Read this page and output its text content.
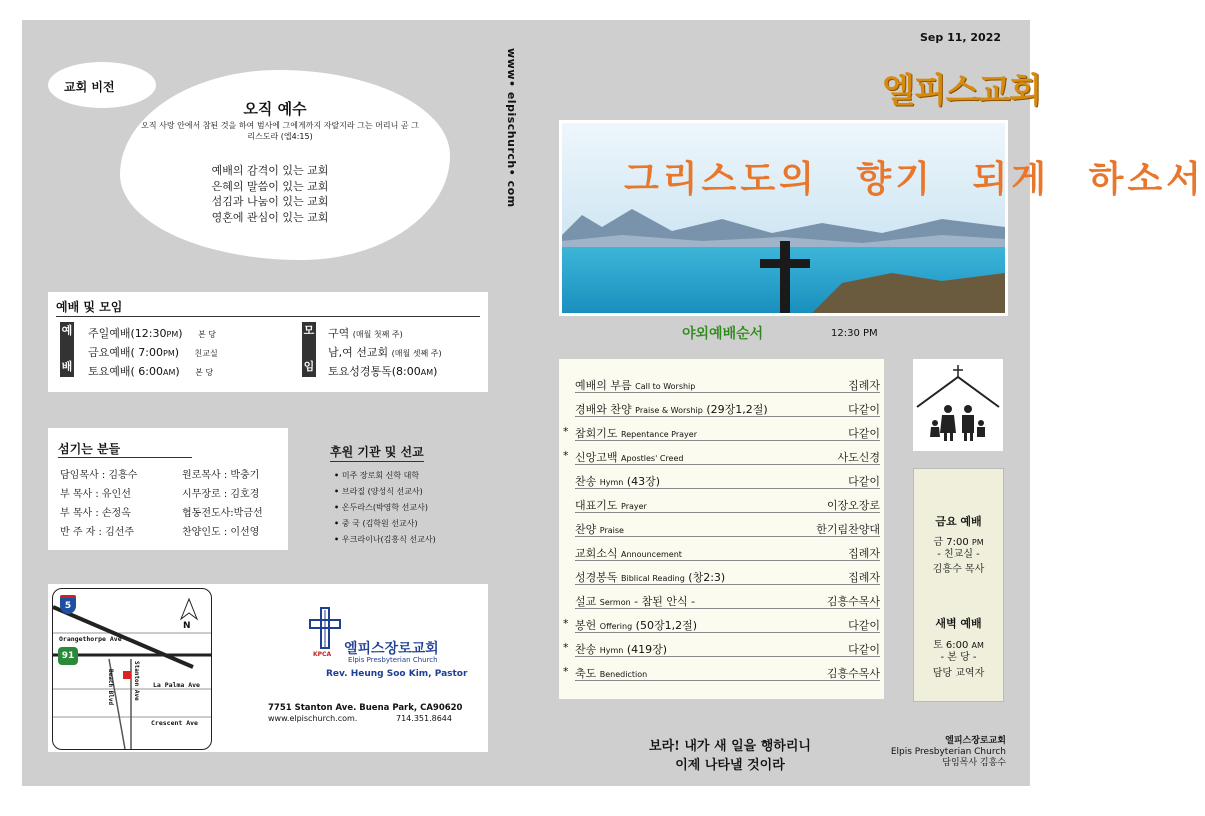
교회 비전
오직 예수
오직 사랑 안에서 참된 것을 하여 범사에 그에게까지 자랄지라 그는 머리니 곧 그리스도라 (엡4:15)
예배의 감격이 있는 교회
은혜의 말씀이 있는 교회
섬김과 나눔이 있는 교회
영혼에 관심이 있는 교회
www• elpischurch• com
예배 및 모임
예
배
주일예배(12:30PM) 본 당
금요예배( 7:00PM) 친교실
토요예배( 6:00AM) 본 당
모
임
구역 (매월 첫째 주)
남,여 선교회 (매월 셋째 주)
토요성경통독(8:00AM)
섬기는 분들
담임목사 : 김흥수	원로목사 : 박충기
부 목사 : 유인선	시무장로 : 김호경
부 목사 : 손정옥	협동전도사:박금선
반 주 자 : 김선주	찬양인도 : 이선영
후원 기관 및 선교
• 미주 장로회 신학 대학
• 브라질 (양성식 선교사)
• 온두라스(박영학 선교사)
• 중 국 (김학원 선교사)
• 우크라이나(김흥식 선교사)
5
91
N
Orangethorpe Ave
La Palma Ave
Crescent Ave
Beach Blvd	Stanton Ave
KPCA 엘피스장로교회
Elpis Presbyterian Church
Rev. Heung Soo Kim, Pastor
7751 Stanton Ave. Buena Park, CA90620
www.elpischurch.com.	714.351.8644
Sep 11, 2022
엘피스교회
그리스도의 향기 되게 하소서
야외예배순서	12:30 PM
예배의 부름 Call to Worship	집례자
경배와 찬양 Praise & Worship (29장1,2절)	다같이
* 참회기도 Repentance Prayer	다같이
* 신앙고백 Apostles' Creed	사도신경
찬송 Hymn (43장)	다같이
대표기도 Prayer	이장오장로
찬양 Praise	한기림찬양대
교회소식 Announcement	집례자
성경봉독 Biblical Reading (창2:3)	집례자
설교 Sermon - 참된 안식 -	김흥수목사
* 봉헌 Offering (50장1,2절)	다같이
* 찬송 Hymn (419장)	다같이
* 축도 Benediction	김흥수목사
금요 예배
금 7:00 PM
- 친교실 -
김흥수 목사
새벽 예배
토 6:00 AM
- 본 당 -
담당 교역자
보라! 내가 새 일을 행하리니
이제 나타낼 것이라
엘피스장로교회
Elpis Presbyterian Church
담임목사 김흥수
